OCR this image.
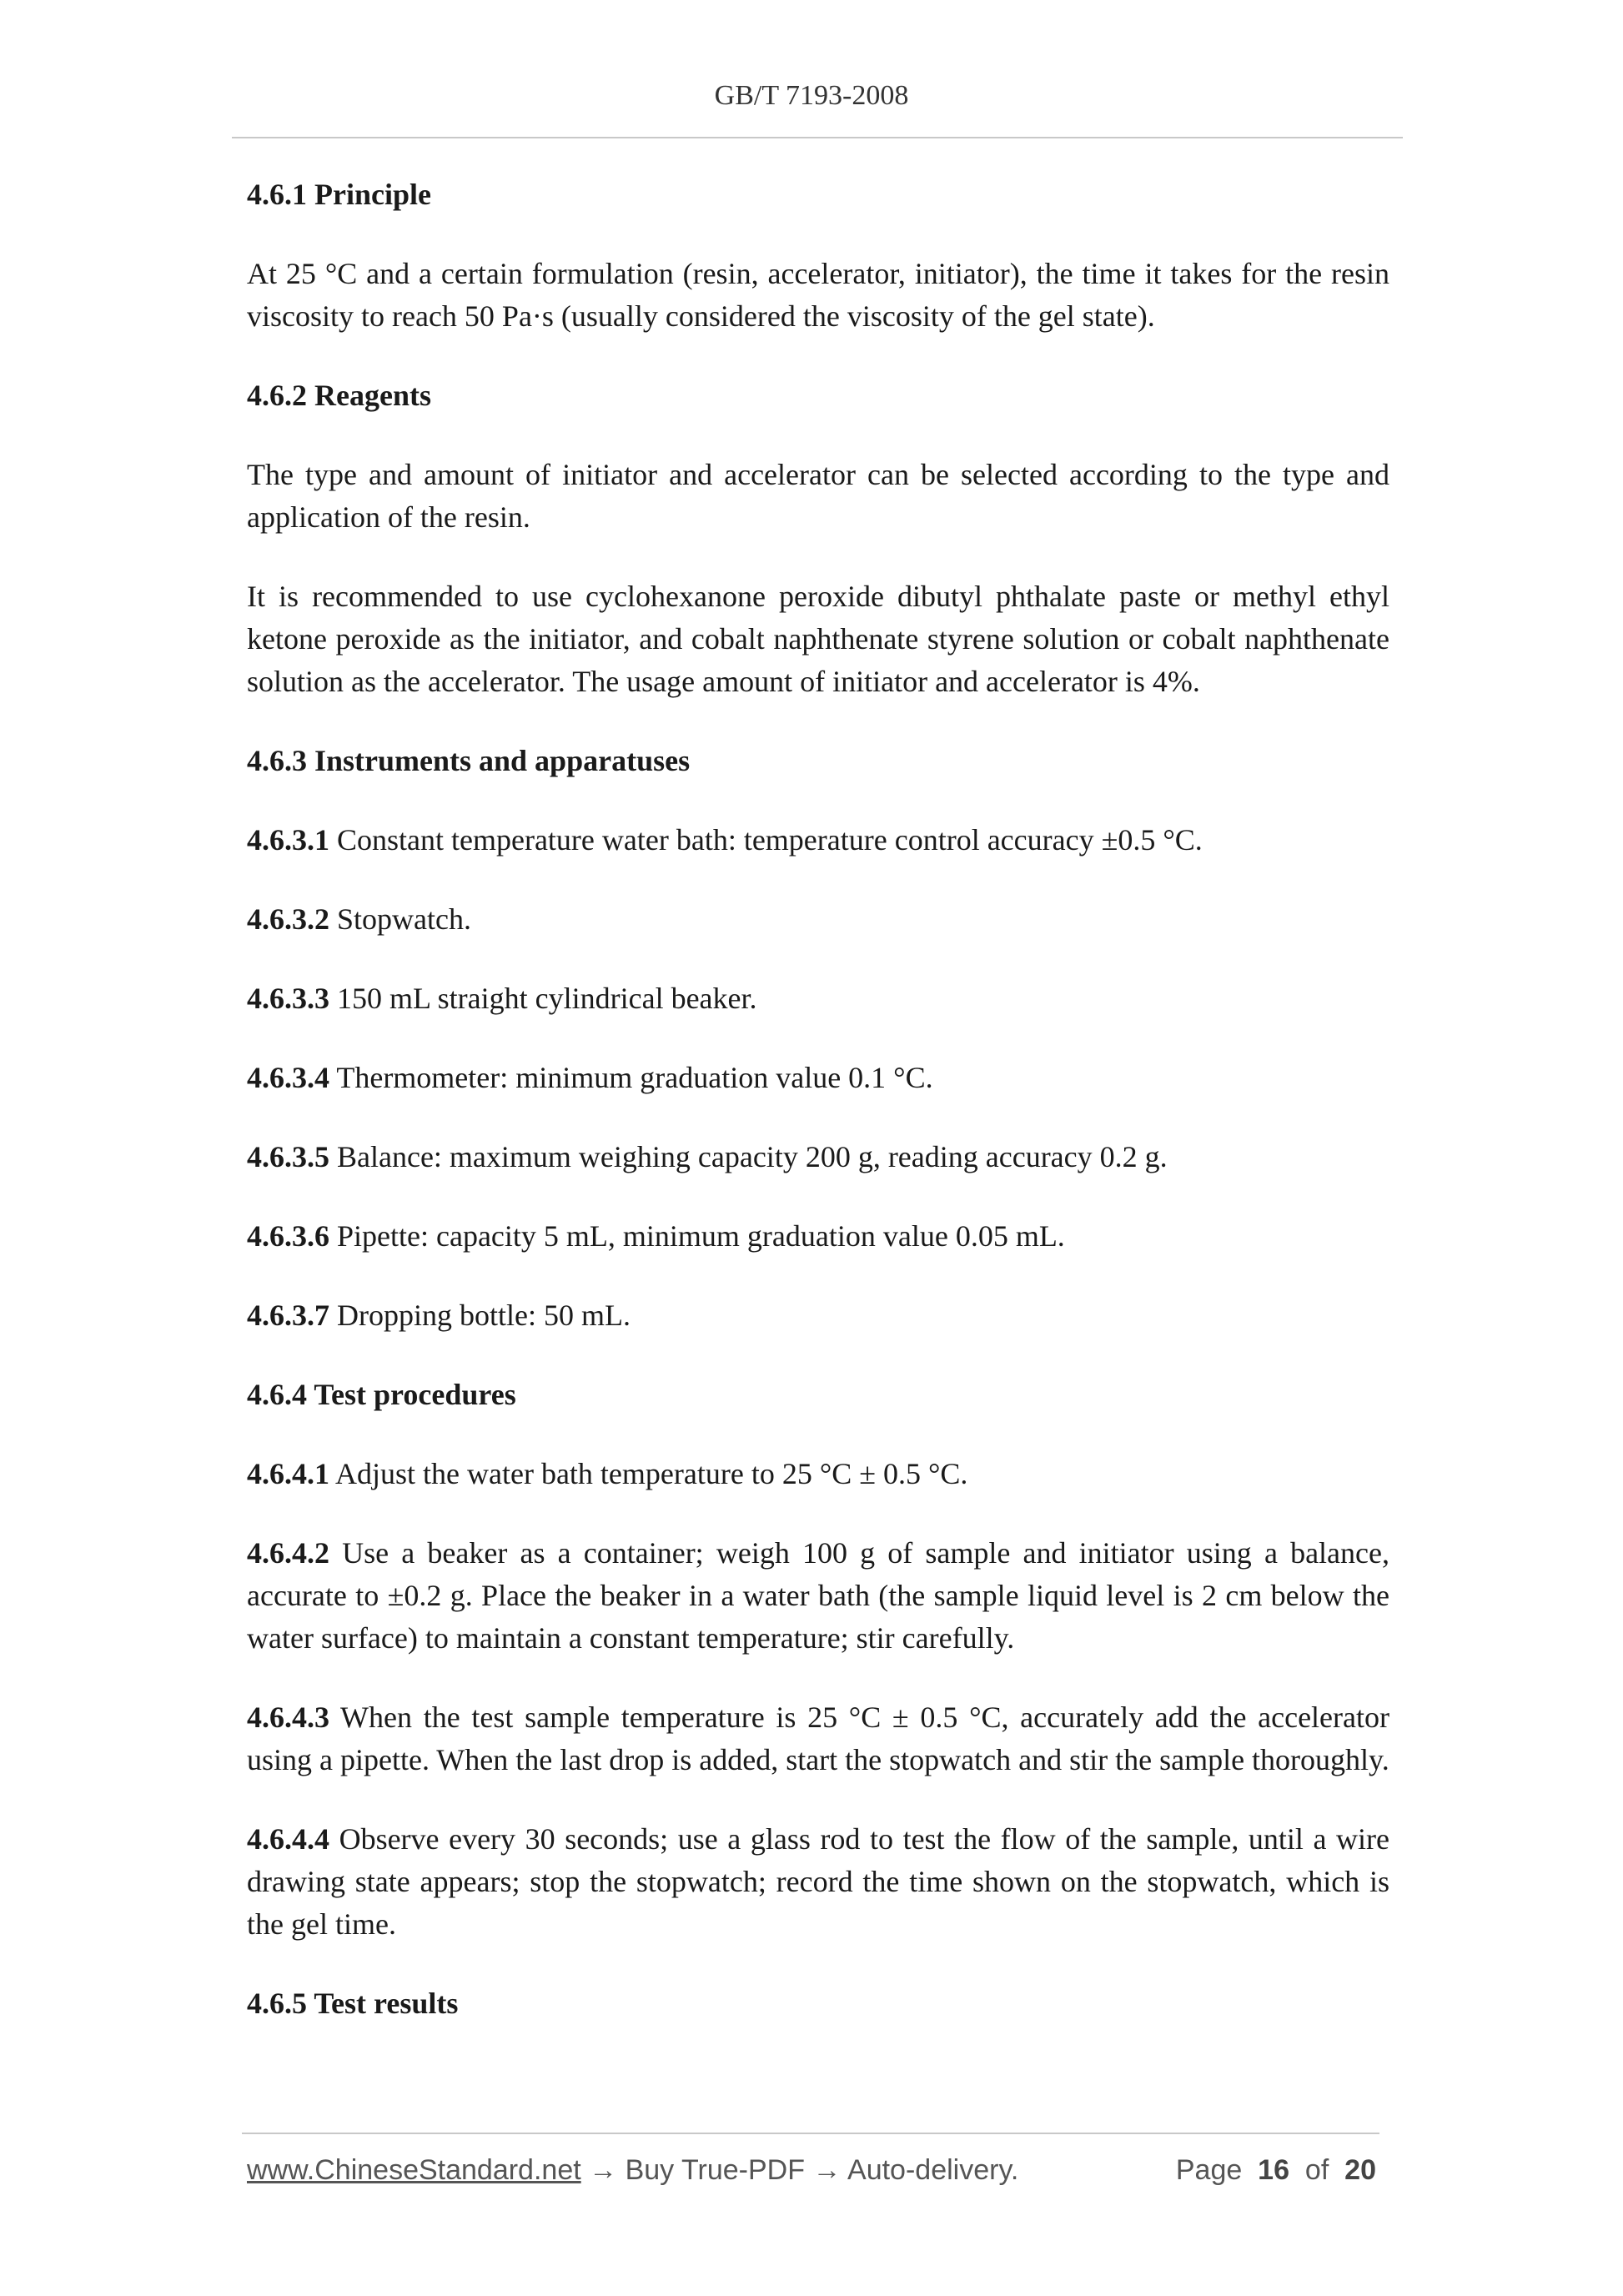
GB/T 7193-2008
4.6.1 Principle
At 25 °C and a certain formulation (resin, accelerator, initiator), the time it takes for the resin viscosity to reach 50 Pa·s (usually considered the viscosity of the gel state).
4.6.2 Reagents
The type and amount of initiator and accelerator can be selected according to the type and application of the resin.
It is recommended to use cyclohexanone peroxide dibutyl phthalate paste or methyl ethyl ketone peroxide as the initiator, and cobalt naphthenate styrene solution or cobalt naphthenate solution as the accelerator. The usage amount of initiator and accelerator is 4%.
4.6.3 Instruments and apparatuses
4.6.3.1 Constant temperature water bath: temperature control accuracy ±0.5 °C.
4.6.3.2 Stopwatch.
4.6.3.3 150 mL straight cylindrical beaker.
4.6.3.4 Thermometer: minimum graduation value 0.1 °C.
4.6.3.5 Balance: maximum weighing capacity 200 g, reading accuracy 0.2 g.
4.6.3.6 Pipette: capacity 5 mL, minimum graduation value 0.05 mL.
4.6.3.7 Dropping bottle: 50 mL.
4.6.4 Test procedures
4.6.4.1 Adjust the water bath temperature to 25 °C ± 0.5 °C.
4.6.4.2 Use a beaker as a container; weigh 100 g of sample and initiator using a balance, accurate to ±0.2 g. Place the beaker in a water bath (the sample liquid level is 2 cm below the water surface) to maintain a constant temperature; stir carefully.
4.6.4.3 When the test sample temperature is 25 °C ± 0.5 °C, accurately add the accelerator using a pipette. When the last drop is added, start the stopwatch and stir the sample thoroughly.
4.6.4.4 Observe every 30 seconds; use a glass rod to test the flow of the sample, until a wire drawing state appears; stop the stopwatch; record the time shown on the stopwatch, which is the gel time.
4.6.5 Test results
www.ChineseStandard.net → Buy True-PDF → Auto-delivery.	Page 16 of 20
